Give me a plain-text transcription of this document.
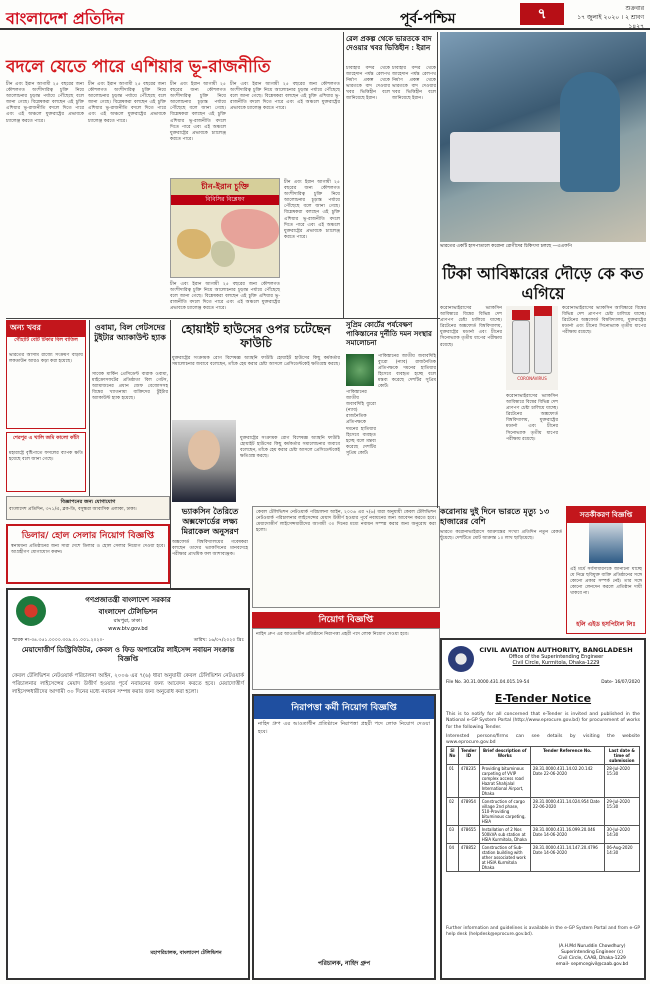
বাংলাদেশ প্রতিদিন	পূর্ব-পশ্চিম	৭	শুক্রবার
১৭ জুলাই ২০২০ । ২ শ্রাবণ ১৪২৭
বদলে যেতে পারে এশিয়ার ভূ-রাজনীতি
চীন এবং ইরান আগামী ২৫ বছরের জন্য কৌশলগত অংশীদারিত্ব চুক্তি নিয়ে আলোচনার চূড়ান্ত পর্যায়ে পৌঁছেছে বলে জানা গেছে। বিশ্লেষকরা বলছেন এই চুক্তি এশিয়ার ভূ-রাজনীতি বদলে দিতে পারে এবং এই অঞ্চলে যুক্তরাষ্ট্রের প্রভাবকে চ্যালেঞ্জ করতে পারে।
চীন এবং ইরান আগামী ২৫ বছরের জন্য কৌশলগত অংশীদারিত্ব চুক্তি নিয়ে আলোচনার চূড়ান্ত পর্যায়ে পৌঁছেছে বলে জানা গেছে। বিশ্লেষকরা বলছেন এই চুক্তি এশিয়ার ভূ-রাজনীতি বদলে দিতে পারে এবং এই অঞ্চলে যুক্তরাষ্ট্রের প্রভাবকে চ্যালেঞ্জ করতে পারে।
চীন এবং ইরান আগামী ২৫ বছরের জন্য কৌশলগত অংশীদারিত্ব চুক্তি নিয়ে আলোচনার চূড়ান্ত পর্যায়ে পৌঁছেছে বলে জানা গেছে। বিশ্লেষকরা বলছেন এই চুক্তি এশিয়ার ভূ-রাজনীতি বদলে দিতে পারে এবং এই অঞ্চলে যুক্তরাষ্ট্রের প্রভাবকে চ্যালেঞ্জ করতে পারে।
চীন-ইরান চুক্তি
বিবিসির বিশ্লেষণ
চীন এবং ইরান আগামী ২৫ বছরের জন্য কৌশলগত অংশীদারিত্ব চুক্তি নিয়ে আলোচনার চূড়ান্ত পর্যায়ে পৌঁছেছে বলে জানা গেছে। বিশ্লেষকরা বলছেন এই চুক্তি এশিয়ার ভূ-রাজনীতি বদলে দিতে পারে এবং এই অঞ্চলে যুক্তরাষ্ট্রের প্রভাবকে চ্যালেঞ্জ করতে পারে।
চীন এবং ইরান আগামী ২৫ বছরের জন্য কৌশলগত অংশীদারিত্ব চুক্তি নিয়ে আলোচনার চূড়ান্ত পর্যায়ে পৌঁছেছে বলে জানা গেছে। বিশ্লেষকরা বলছেন এই চুক্তি এশিয়ার ভূ-রাজনীতি বদলে দিতে পারে এবং এই অঞ্চলে যুক্তরাষ্ট্রের প্রভাবকে চ্যালেঞ্জ করতে পারে।
চীন এবং ইরান আগামী ২৫ বছরের জন্য কৌশলগত অংশীদারিত্ব চুক্তি নিয়ে আলোচনার চূড়ান্ত পর্যায়ে পৌঁছেছে বলে জানা গেছে। বিশ্লেষকরা বলছেন এই চুক্তি এশিয়ার ভূ-রাজনীতি বদলে দিতে পারে এবং এই অঞ্চলে যুক্তরাষ্ট্রের প্রভাবকে চ্যালেঞ্জ করতে পারে।
রেল প্রকল্প থেকে ভারতকে বাদ দেওয়ার খবর ভিত্তিহীন : ইরান
চাবাহার বন্দর থেকে জাহেদান পর্যন্ত রেলপথ নির্মাণ প্রকল্প থেকে ভারতকে বাদ দেওয়ার খবর ভিত্তিহীন বলে জানিয়েছে ইরান।
চাবাহার বন্দর থেকে জাহেদান পর্যন্ত রেলপথ নির্মাণ প্রকল্প থেকে ভারতকে বাদ দেওয়ার খবর ভিত্তিহীন বলে জানিয়েছে ইরান।
ভারতের একটি হাসপাতালে করোনা রোগীদের চিকিৎসা চলছে —এএফপি
টিকা আবিষ্কারের দৌড়ে কে কত এগিয়ে
অন্য খবর
গৌহাটি বেটি টিকার বিল বাতিল
ভারতের আসাম রাজ্যে সংক্রমণ বাড়ায় লকডাউন আরও কড়া করা হয়েছে।
শেরপুর এ খালি জমি কালো কাঁটা
মহারাষ্ট্রে বৃষ্টিপাতে ফসলের ব্যাপক ক্ষতি হয়েছে বলে জানা গেছে।
ওবামা, বিল গেটসদের টুইটার অ্যাকাউন্ট হ্যাক
সাবেক মার্কিন প্রেসিডেন্ট বারাক ওবামা, মাইক্রোসফটের প্রতিষ্ঠাতা বিল গেটস, অ্যামাজনের প্রধান জেফ বেজোসসহ বিশ্বের খ্যাতনামা ব্যক্তিদের টুইটার অ্যাকাউন্ট হ্যাক হয়েছে।
হোয়াইট হাউসের ওপর চটেছেন ফাউচি
যুক্তরাষ্ট্রের সংক্রামক রোগ বিশেষজ্ঞ অ্যান্থনি ফাউচি হোয়াইট হাউসের কিছু কর্মকর্তার সমালোচনার জবাবে বলেছেন, তাঁকে হেয় করার চেষ্টা আসলে প্রেসিডেন্টকেই ক্ষতিগ্রস্ত করছে।
যুক্তরাষ্ট্রের সংক্রামক রোগ বিশেষজ্ঞ অ্যান্থনি ফাউচি হোয়াইট হাউসের কিছু কর্মকর্তার সমালোচনার জবাবে বলেছেন, তাঁকে হেয় করার চেষ্টা আসলে প্রেসিডেন্টকেই ক্ষতিগ্রস্ত করছে।
সুপ্রিম কোর্টের পর্যবেক্ষণ পাকিস্তানের দুর্নীতি দমন সংস্থার সমালোচনা
পাকিস্তানের জাতীয় জবাবদিহি ব্যুরো (ন্যাব) রাজনৈতিক প্রতিপক্ষকে দমনের হাতিয়ার হিসেবে ব্যবহৃত হচ্ছে বলে মন্তব্য করেছে দেশটির সুপ্রিম কোর্ট।
পাকিস্তানের জাতীয় জবাবদিহি ব্যুরো (ন্যাব) রাজনৈতিক প্রতিপক্ষকে দমনের হাতিয়ার হিসেবে ব্যবহৃত হচ্ছে বলে মন্তব্য করেছে দেশটির সুপ্রিম কোর্ট।
করোনাভাইরাসের ভ্যাকসিন আবিষ্কারে বিশ্বের বিভিন্ন দেশ প্রাণপণ চেষ্টা চালিয়ে যাচ্ছে। ব্রিটেনের অক্সফোর্ড বিশ্ববিদ্যালয়, যুক্তরাষ্ট্রের মডার্না এবং চীনের সিনোভ্যাক তৃতীয় ধাপের পরীক্ষায় রয়েছে।
CORONAVIRUS
করোনাভাইরাসের ভ্যাকসিন আবিষ্কারে বিশ্বের বিভিন্ন দেশ প্রাণপণ চেষ্টা চালিয়ে যাচ্ছে। ব্রিটেনের অক্সফোর্ড বিশ্ববিদ্যালয়, যুক্তরাষ্ট্রের মডার্না এবং চীনের সিনোভ্যাক তৃতীয় ধাপের পরীক্ষায় রয়েছে।
করোনাভাইরাসের ভ্যাকসিন আবিষ্কারে বিশ্বের বিভিন্ন দেশ প্রাণপণ চেষ্টা চালিয়ে যাচ্ছে। ব্রিটেনের অক্সফোর্ড বিশ্ববিদ্যালয়, যুক্তরাষ্ট্রের মডার্না এবং চীনের সিনোভ্যাক তৃতীয় ধাপের পরীক্ষায় রয়েছে।
বিজ্ঞাপনের জন্য যোগাযোগ
বাংলাদেশ প্রতিদিন, ৩৭১/এ, ব্লক-ডি, বসুন্ধরা আবাসিক এলাকা, ঢাকা।
ডিলার/ হোল সেলার নিয়োগ বিজ্ঞপ্তি
স্বনামধন্য প্রতিষ্ঠানের জন্য সারা দেশে ডিলার ও হোল সেলার নিয়োগ দেওয়া হবে। আগ্রহীগণ যোগাযোগ করুন।
ভ্যাকসিন তৈরিতে অক্সফোর্ডের লক্ষ্য মিরাকেল অনুসরণ
অক্সফোর্ড বিশ্ববিদ্যালয়ের গবেষকরা বলছেন তাদের ভ্যাকসিনের মানবদেহে পরীক্ষার প্রাথমিক ফল আশাব্যঞ্জক।
কেবল টেলিভিশন নেটওয়ার্ক পরিচালনা আইন, ২০০৬ এর ৭(৬) ধারা অনুযায়ী কেবল টেলিভিশন নেটওয়ার্ক পরিচালনার লাইসেন্সের মেয়াদ উত্তীর্ণ হওয়ার পূর্বে নবায়নের জন্য আবেদন করতে হবে। মেয়াদোত্তীর্ণ লাইসেন্সধারীদের আগামী ৩০ দিনের মধ্যে নবায়ন সম্পন্ন করার জন্য অনুরোধ করা হলো।
করোনায় দুই দিনে ভারতে মৃত্যু ১৩ হাজারের বেশি
ভারতে করোনাভাইরাসে আক্রান্তের সংখ্যা প্রতিদিন নতুন রেকর্ড ছুঁয়েছে। দেশটিতে মোট আক্রান্ত ১০ লাখ ছাড়িয়েছে।
সতর্কীকরণ বিজ্ঞপ্তি
এই মর্মে সর্বসাধারণকে জানানো যাচ্ছে যে নিম্নে ছবিযুক্ত ব্যক্তি প্রতিষ্ঠানের সঙ্গে কোনো প্রকার সম্পর্ক নেই। তার সঙ্গে কোনো লেনদেন করলে প্রতিষ্ঠান দায়ী থাকবে না।
হলি এইড হসপিটাল লিঃ
নিয়োগ বিজ্ঞপ্তি
নাহিদ গ্রুপ এর আওতাধীন প্রতিষ্ঠানে নিরাপত্তা প্রহরী পদে লোক নিয়োগ দেওয়া হবে।
গণপ্রজাতন্ত্রী বাংলাদেশ সরকার
বাংলাদেশ টেলিভিশন
রামপুরা, ঢাকা।
www.btv.gov.bd
স্মারক নং-৩৪.৩৫১.০০০০.৩০৯.০১.০০১.২০২০-	তারিখ: ১৬/০৭/২০২০ খ্রিঃ
মেয়াদোত্তীর্ণ ডিস্ট্রিবিউটর, কেবল ও ফিড অপারেটর লাইসেন্স নবায়ন সংক্রান্ত বিজ্ঞপ্তি
কেবল টেলিভিশন নেটওয়ার্ক পরিচালনা আইন, ২০০৬ এর ৭(৬) ধারা অনুযায়ী কেবল টেলিভিশন নেটওয়ার্ক পরিচালনার লাইসেন্সের মেয়াদ উত্তীর্ণ হওয়ার পূর্বে নবায়নের জন্য আবেদন করতে হবে। মেয়াদোত্তীর্ণ লাইসেন্সধারীদের আগামী ৩০ দিনের মধ্যে নবায়ন সম্পন্ন করার জন্য অনুরোধ করা হলো।
মহাপরিচালক, বাংলাদেশ টেলিভিশন
CIVIL AVIATION AUTHORITY, BANGLADESH
Office of the Superintending Engineer
Civil Circle, Kurmitola, Dhaka-1229
File No. 30.31.0000.431.04.015.19-54	Date- 16/07/2020
E-Tender Notice
This is to notify for all concerned that e-Tender is invited and published in the National e-GP System Portal (http://www.eprocure.gov.bd) for procurement of works for the following Tender.
Interested persons/firms can see details by visiting the website www.eprocure.gov.bd
Sl No	Tender ID	Brief description of Works	Tender Reference No.	Last date & time of submission
01	478235	Providing bituminous carpeting of VVIP complex access road Hazrat Shahjalal International Airport, Dhaka	28.31.0000.431.14.02.20.142 Date 22-06-2020	28-Jul-2020 15:30
02	478954	Construction of cargo village 2nd phase, 510-Providing bituminous carpeting, HSIA	28.31.0000.431.14.024.954 Date 22-06-2020	29-Jul-2020 15:30
03	478655	Installation of 2 Nos 500kVA sub station at HSIA Kurmitola, Dhaka	28.31.0000.431.16.099.20.046 Date 14-06-2020	30-Jul-2020 14:30
04	478852	Construction of Sub-station building with other associated work at HSIA Kurmitola Dhaka	28.31.0000.431.14.147.20.4796 Date 14-06-2020	06-Aug-2020 14:30
Further information and guidelines is available in the e-GP System Portal and from e-GP help desk (helpdesk@eprocure.gov.bd).
(A.H.Md Nuruddin Chowdhury)
Superintending Engineer (c)
Civil Circle, CAAB, Dhaka-1229
email- sepmcegivil@caab.gov.bd
নিরাপত্তা কর্মী নিয়োগ বিজ্ঞপ্তি
নাহিদ গ্রুপ এর আওতাধীন প্রতিষ্ঠানে নিরাপত্তা প্রহরী পদে লোক নিয়োগ দেওয়া হবে।
পরিচালক, নাহিদ গ্রুপ
